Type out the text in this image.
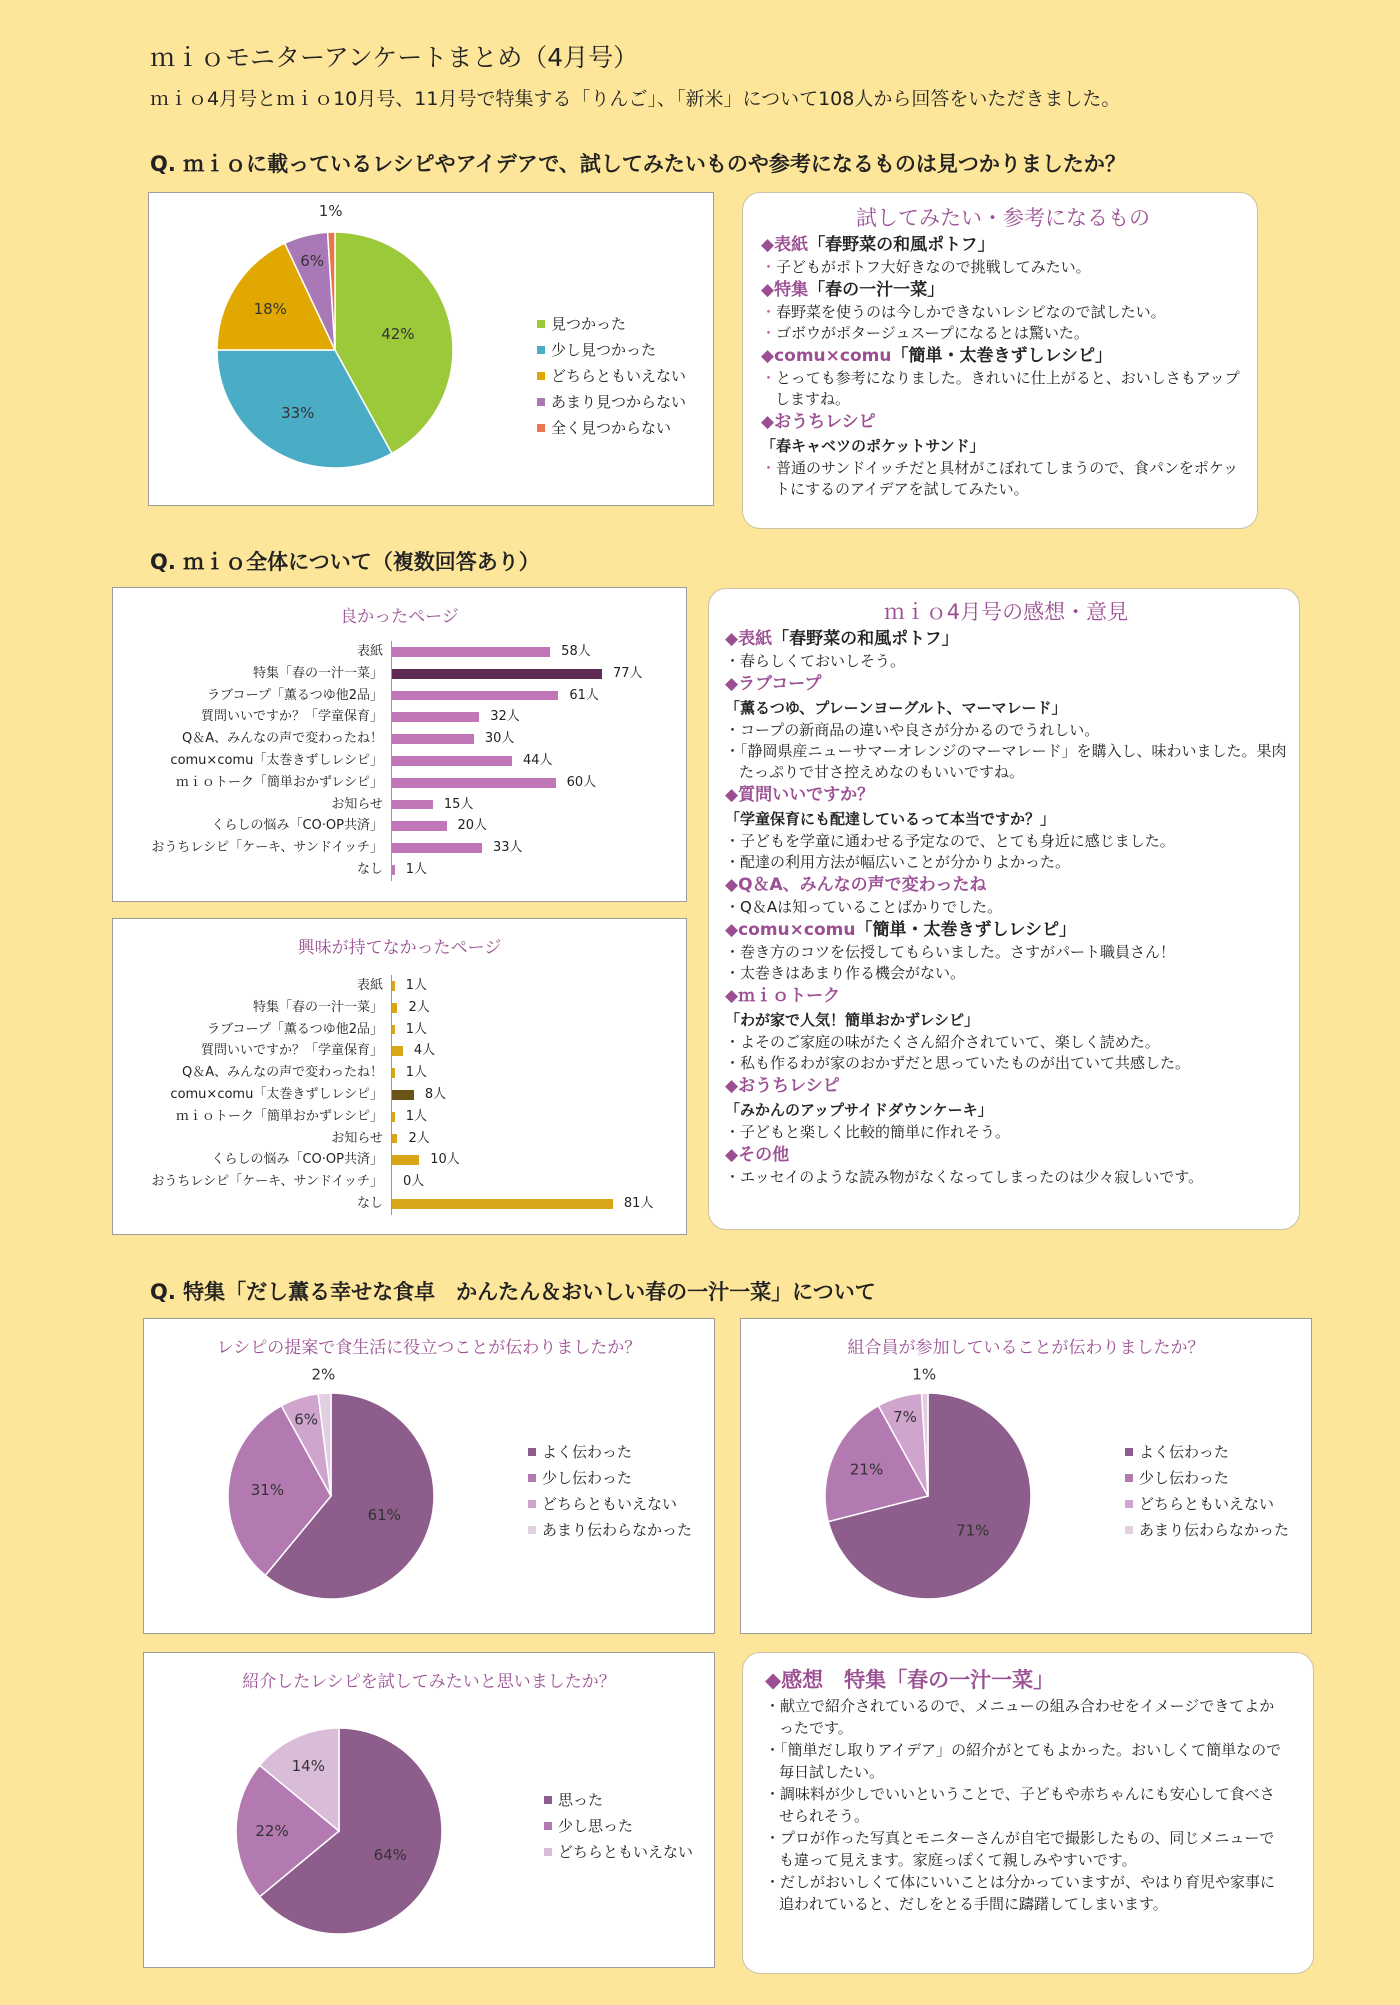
ｍｉｏモニターアンケートまとめ（4月号）
ｍｉｏ4月号とｍｉｏ10月号、11月号で特集する「りんご」、「新米」について108人から回答をいただきました。
Q. ｍｉｏに載っているレシピやアイデアで、試してみたいものや参考になるものは見つかりましたか？
42%
33%
18%
6%
1%
見つかった
少し見つかった
どちらともいえない
あまり見つからない
全く見つからない
試してみたい・参考になるもの
◆表紙「春野菜の和風ポトフ」
・ 子どもがポトフ大好きなので挑戦してみたい。
◆特集「春の一汁一菜」
・ 春野菜を使うのは今しかできないレシピなので試したい。
・ ゴボウがポタージュスープになるとは驚いた。
◆comu×comu「簡単・太巻きずしレシピ」
・ とっても参考になりました。きれいに仕上がると、おいしさもアップしますね。
◆おうちレシピ
「春キャベツのポケットサンド」
・ 普通のサンドイッチだと具材がこぼれてしまうので、食パンをポケットにするのアイデアを試してみたい。
Q. ｍｉｏ全体について（複数回答あり）
良かったページ
表紙	58人
特集「春の一汁一菜」	77人
ラブコープ「薫るつゆ他2品」	61人
質問いいですか？「学童保育」	32人
Q＆A、みんなの声で変わったね！	30人
comu×comu「太巻きずしレシピ」	44人
ｍｉｏトーク「簡単おかずレシピ」	60人
お知らせ	15人
くらしの悩み「CO·OP共済」	20人
おうちレシピ「ケーキ、サンドイッチ」	33人
なし 1人
興味が持てなかったページ
表紙 1人
特集「春の一汁一菜」 2人
ラブコープ「薫るつゆ他2品」 1人
質問いいですか？「学童保育」 4人
Q＆A、みんなの声で変わったね！ 1人
comu×comu「太巻きずしレシピ」	8人
ｍｉｏトーク「簡単おかずレシピ」 1人
お知らせ 2人
くらしの悩み「CO·OP共済」	10人
おうちレシピ「ケーキ、サンドイッチ」 0人
なし	81人
ｍｉｏ4月号の感想・意見
◆表紙「春野菜の和風ポトフ」
・ 春らしくておいしそう。
◆ラブコープ
「薫るつゆ、プレーンヨーグルト、マーマレード」
・ コープの新商品の違いや良さが分かるのでうれしい。
・ 「静岡県産ニューサマーオレンジのマーマレード」を購入し、味わいました。果肉たっぷりで甘さ控えめなのもいいですね。
◆質問いいですか？
「学童保育にも配達しているって本当ですか？」
・ 子どもを学童に通わせる予定なので、とても身近に感じました。
・ 配達の利用方法が幅広いことが分かりよかった。
◆Q＆A、みんなの声で変わったね
・ Q＆Aは知っていることばかりでした。
◆comu×comu「簡単・太巻きずしレシピ」
・ 巻き方のコツを伝授してもらいました。さすがパート職員さん！
・ 太巻きはあまり作る機会がない。
◆ｍｉｏトーク
「わが家で人気！簡単おかずレシピ」
・ よそのご家庭の味がたくさん紹介されていて、楽しく読めた。
・ 私も作るわが家のおかずだと思っていたものが出ていて共感した。
◆おうちレシピ
「みかんのアップサイドダウンケーキ」
・ 子どもと楽しく比較的簡単に作れそう。
◆その他
・ エッセイのような読み物がなくなってしまったのは少々寂しいです。
Q. 特集「だし薫る幸せな食卓　かんたん＆おいしい春の一汁一菜」について
レシピの提案で食生活に役立つことが伝わりましたか？
61%
31%
6%
2%
よく伝わった
少し伝わった
どちらともいえない
あまり伝わらなかった
組合員が参加していることが伝わりましたか？
71%
21%
7%
1%
よく伝わった
少し伝わった
どちらともいえない
あまり伝わらなかった
紹介したレシピを試してみたいと思いましたか？
64%
22%
14%
思った
少し思った
どちらともいえない
◆感想　特集「春の一汁一菜」
・ 献立で紹介されているので、メニューの組み合わせをイメージできてよかったです。
・ 「簡単だし取りアイデア」の紹介がとてもよかった。おいしくて簡単なので毎日試したい。
・ 調味料が少しでいいということで、子どもや赤ちゃんにも安心して食べさせられそう。
・ プロが作った写真とモニターさんが自宅で撮影したもの、同じメニューでも違って見えます。家庭っぽくて親しみやすいです。
・ だしがおいしくて体にいいことは分かっていますが、やはり育児や家事に追われていると、だしをとる手間に躊躇してしまいます。
